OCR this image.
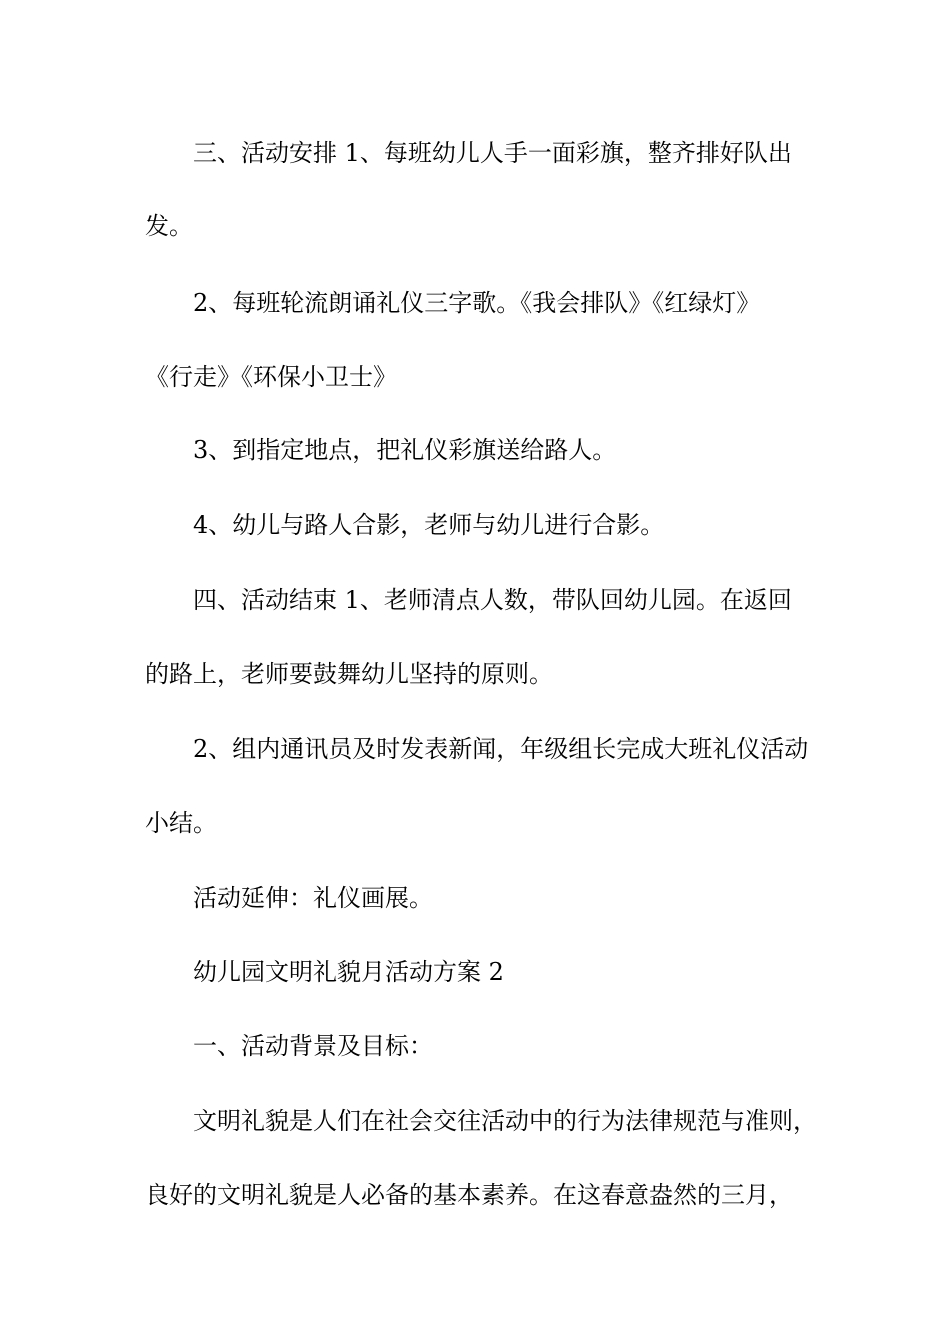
三、活动安排 1、每班幼儿人手一面彩旗，整齐排好队出
发。
2、每班轮流朗诵礼仪三字歌。《我会排队》《红绿灯》
《行走》《环保小卫士》
3、到指定地点，把礼仪彩旗送给路人。
4、幼儿与路人合影，老师与幼儿进行合影。
四、活动结束 1、老师清点人数，带队回幼儿园。在返回
的路上，老师要鼓舞幼儿坚持的原则。
2、组内通讯员及时发表新闻，年级组长完成大班礼仪活动
小结。
活动延伸：礼仪画展。
幼儿园文明礼貌月活动方案 2
一、活动背景及目标：
文明礼貌是人们在社会交往活动中的行为法律规范与准则，
良好的文明礼貌是人必备的基本素养。在这春意盎然的三月，
